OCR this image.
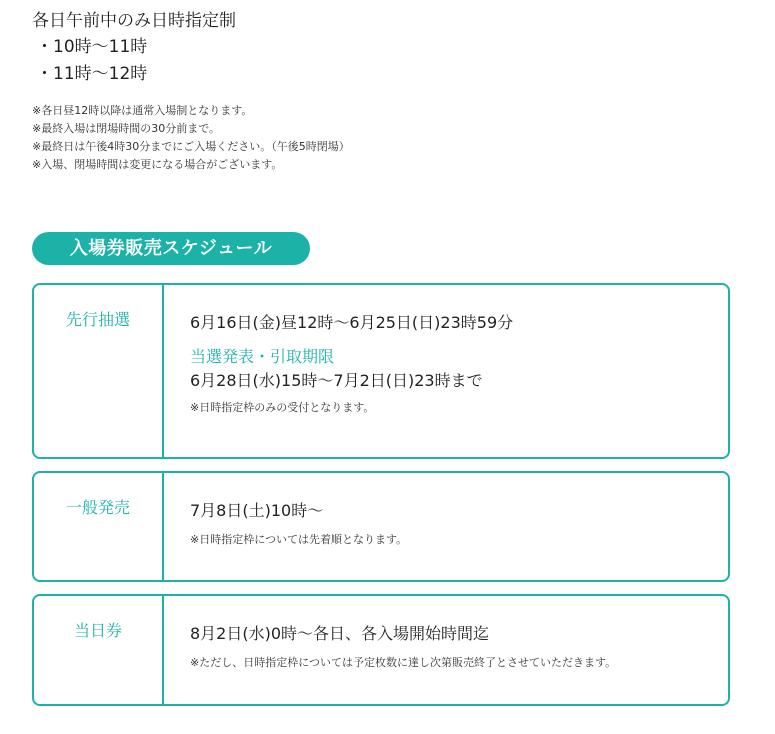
各日午前中のみ日時指定制

・10時～11時

・11時～12時

※各日昼12時以降は通常入場制となります。

※最終入場は閉場時間の30分前まで。

※最終日は午後4時30分までにご入場ください。（午後5時閉場）

※入場、閉場時間は変更になる場合がございます。

入場券販売スケジュール
先行抽選	6月16日(金)昼12時～6月25日(日)23時59分

当選発表・引取期限

6月28日(水)15時～7月2日(日)23時まで

※日時指定枠のみの受付となります。

一般発売	7月8日(土)10時～

※日時指定枠については先着順となります。

当日券	8月2日(水)0時～各日、各入場開始時間迄

※ただし、日時指定枠については予定枚数に達し次第販売終了とさせていただきます。
